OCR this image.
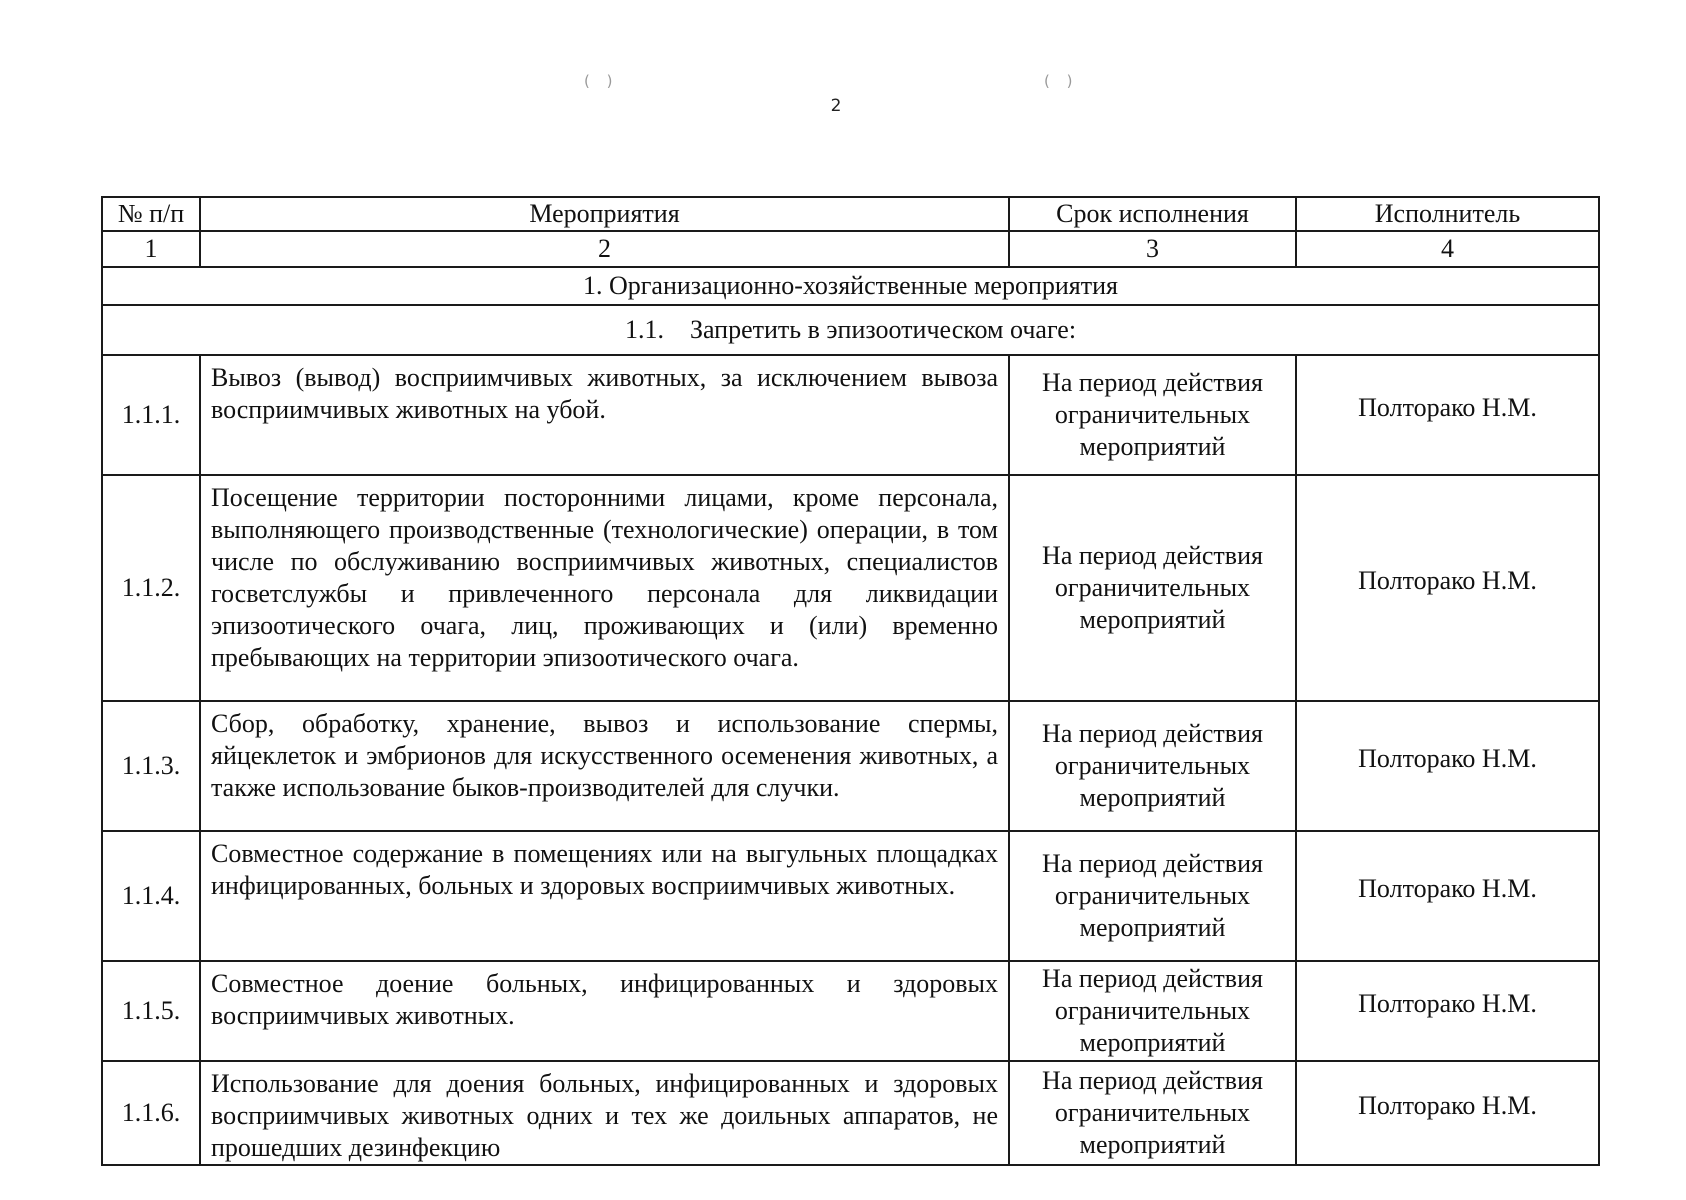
( )	( )
2
№ п/п	Мероприятия	Срок исполнения	Исполнитель
1	2	3	4
1. Организационно-хозяйственные мероприятия			
1.1. Запретить в эпизоотическом очаге:			
1.1.1.	Вывоз (вывод) восприимчивых животных, за исключением вывоза восприимчивых животных на убой.	На период действия ограничительных мероприятий	Полторако Н.М.
1.1.2.	Посещение территории посторонними лицами, кроме персонала, выполняющего производственные (технологические) операции, в том числе по обслуживанию восприимчивых животных, специалистов госветслужбы и привлеченного персонала для ликвидации эпизоотического очага, лиц, проживающих и (или) временно пребывающих на территории эпизоотического очага.	На период действия ограничительных мероприятий	Полторако Н.М.
1.1.3.	Сбор, обработку, хранение, вывоз и использование спермы, яйцеклеток и эмбрионов для искусственного осеменения животных, а также использование быков-производителей для случки.	На период действия ограничительных мероприятий	Полторако Н.М.
1.1.4.	Совместное содержание в помещениях или на выгульных площадках инфицированных, больных и здоровых восприимчивых животных.	На период действия ограничительных мероприятий	Полторако Н.М.
1.1.5.	Совместное доение больных, инфицированных и здоровых восприимчивых животных.	На период действия ограничительных мероприятий	Полторако Н.М.
1.1.6.	Использование для доения больных, инфицированных и здоровых восприимчивых животных одних и тех же доильных аппаратов, не прошедших дезинфекцию	На период действия ограничительных мероприятий	Полторако Н.М.
